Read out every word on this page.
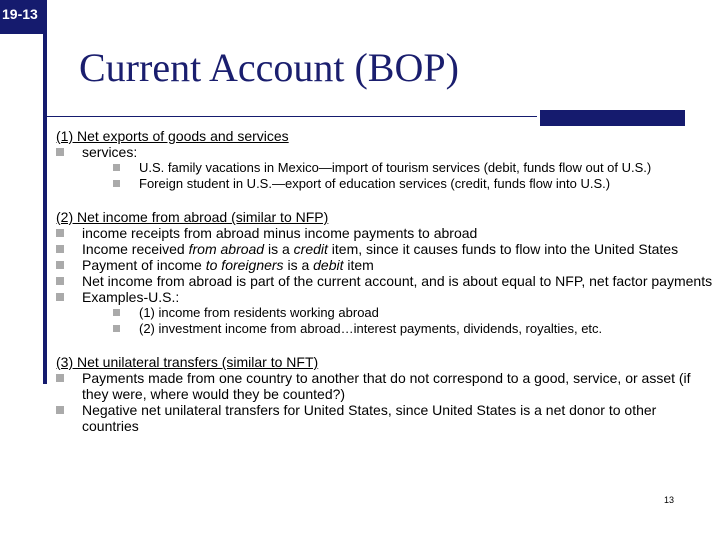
19-13
Current Account (BOP)

(1) Net exports of goods and services

services:
U.S. family vacations in Mexico—import of tourism services (debit, funds flow out of U.S.)
Foreign student in U.S.—export of education services (credit, funds flow into U.S.)

(2) Net income from abroad (similar to NFP)

income receipts from abroad minus income payments to abroad
Income received from abroad is a credit item, since it causes funds to flow into the United States
Payment of income to foreigners is a debit item
Net income from abroad is part of the current account, and is about equal to NFP, net factor payments
Examples-U.S.:
(1) income from residents working abroad
(2) investment income from abroad…interest payments, dividends, royalties, etc.

(3) Net unilateral transfers (similar to NFT)

Payments made from one country to another that do not correspond to a good, service, or asset (if they were, where would they be counted?)
Negative net unilateral transfers for United States, since United States is a net donor to other countries
13
